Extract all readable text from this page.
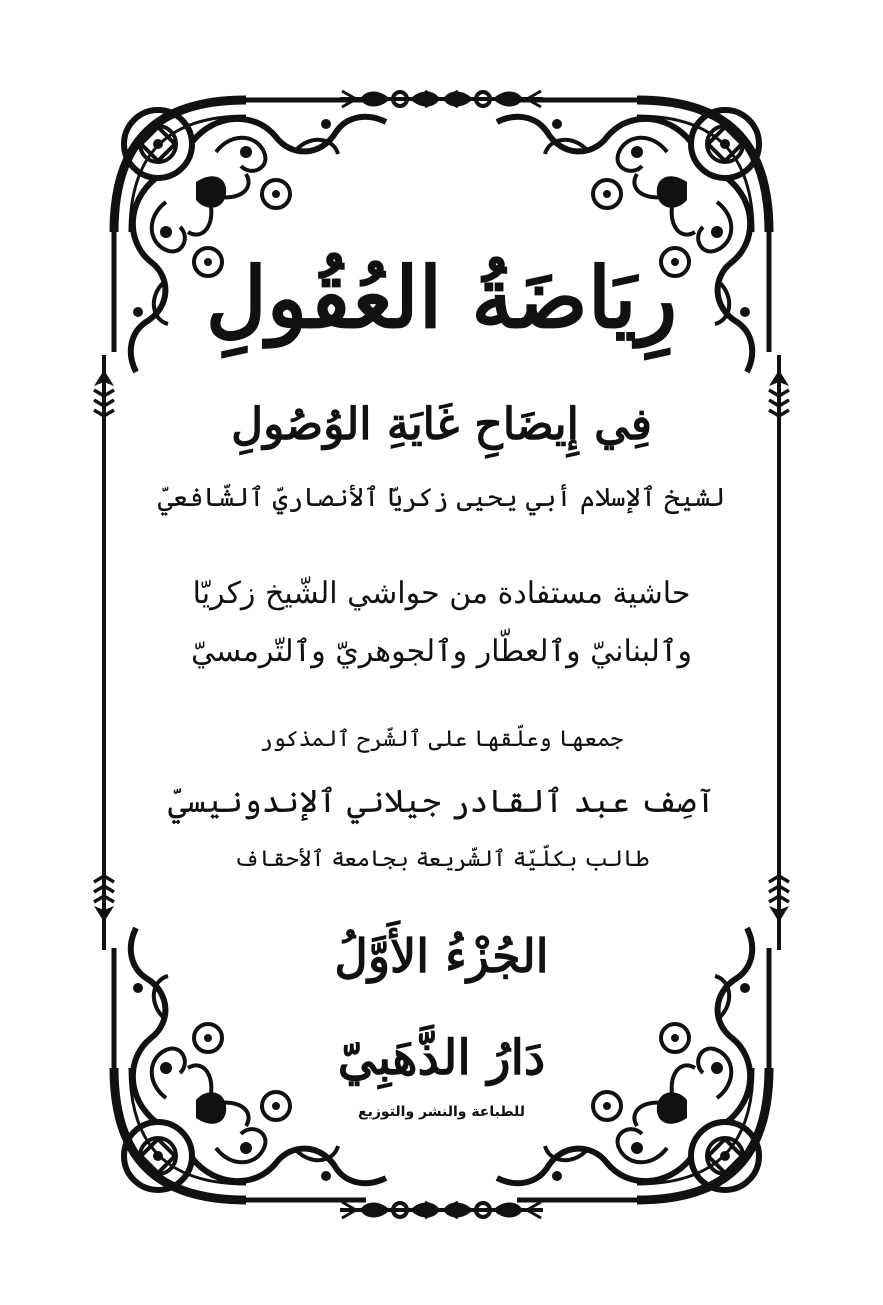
رِيَاضَةُ العُقُولِ
فِي إِيضَاحِ غَايَةِ الوُصُولِ
لشيخ ٱلإسلام أبي يحيى زكريّا ٱلأنصاريّ ٱلشّافعيّ
حاشية مستفادة من حواشي الشّيخ زكريّا
وٱلبنانيّ وٱلعطّار وٱلجوهريّ وٱلتّرمسيّ
جمعها وعلّقها على ٱلشّرح ٱلمذكور
آصِف عبد ٱلقادر جيلاني ٱلإندونيسيّ
طالب بكلّيّة ٱلشّريعة بجامعة ٱلأحقاف
الجُزْءُ الأَوَّلُ
دَارُ الذَّهَبِيّ
للطباعة والنشر والتوزيع
